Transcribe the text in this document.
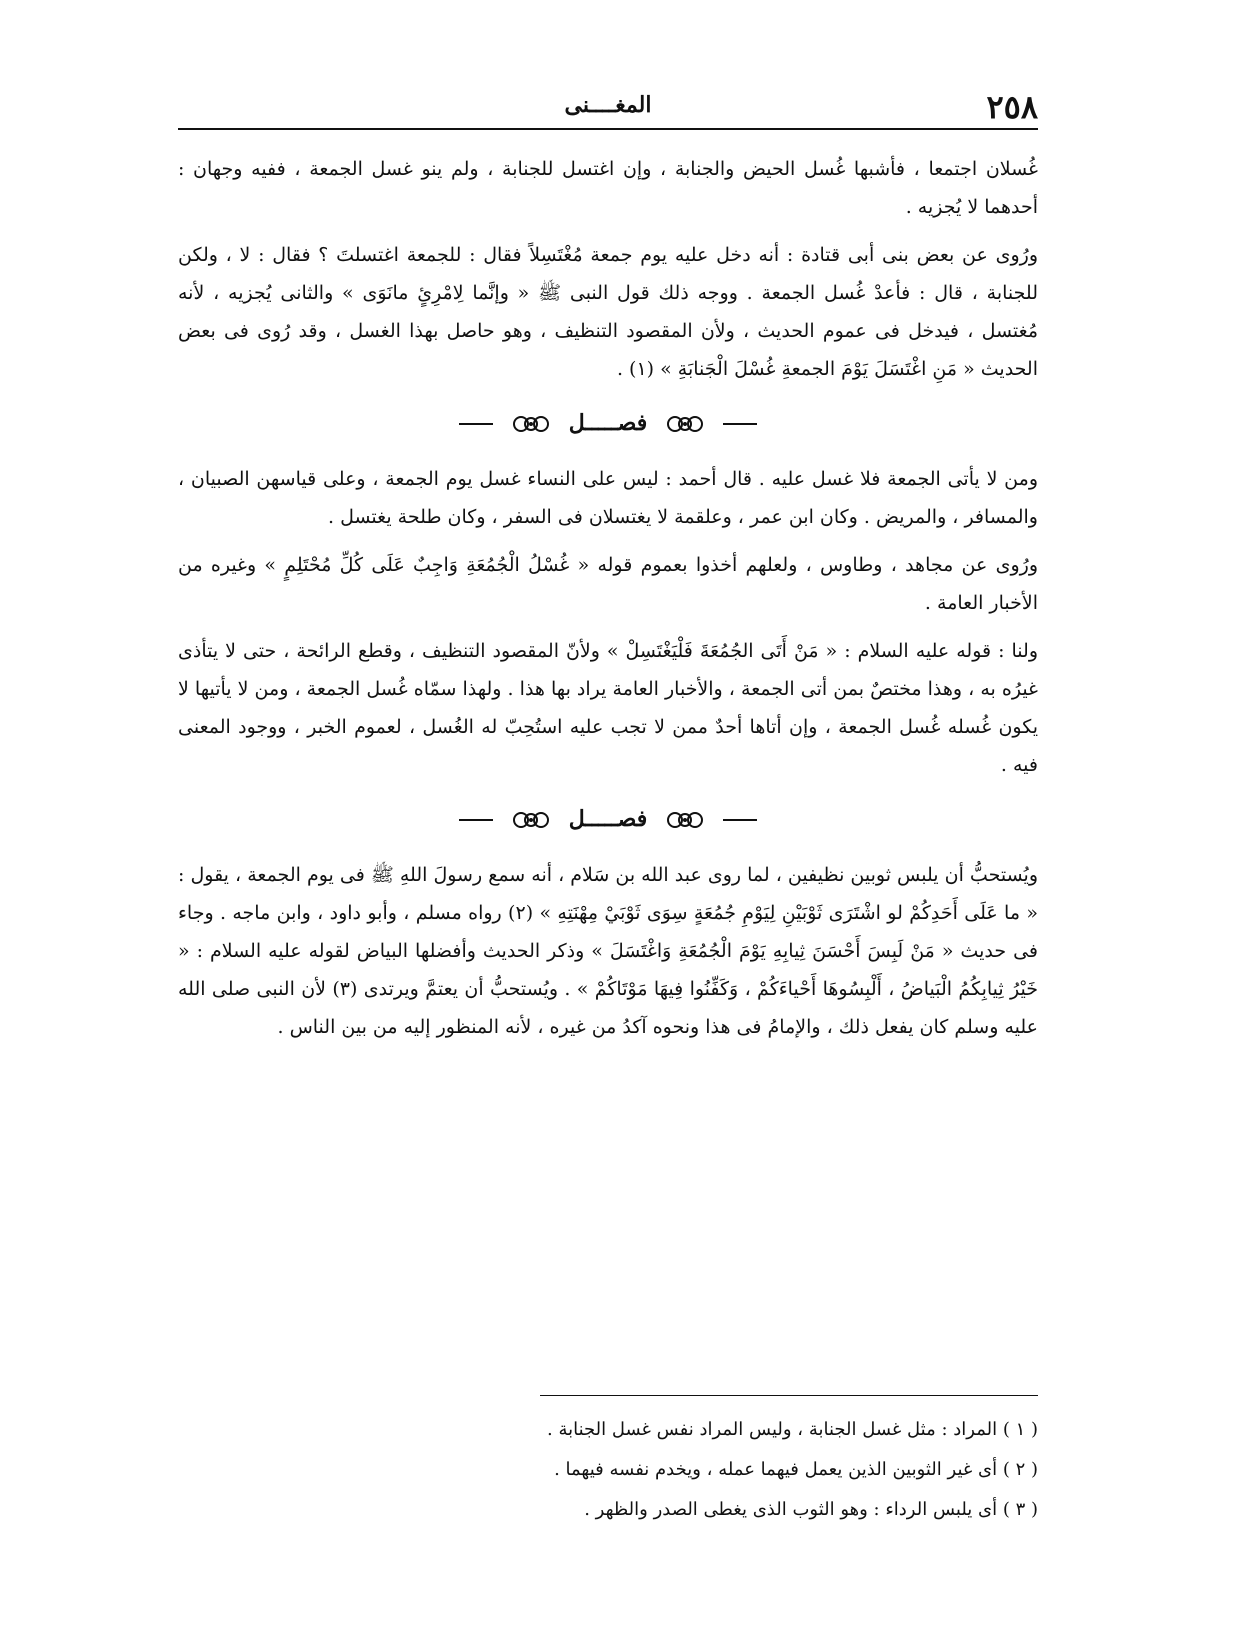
٢٥٨
المغــــنى

غُسلان اجتمعا ، فأشبها غُسل الحيض والجنابة ، وإن اغتسل للجنابة ، ولم ينو غسل الجمعة ، ففيه وجهان : أحدهما لا يُجزيه .

ورُوى عن بعض بنى أبى قتادة : أنه دخل عليه يوم جمعة مُغْتَسِلاً فقال : للجمعة اغتسلتَ ؟ فقال : لا ، ولكن للجنابة ، قال : فأعدْ غُسل الجمعة . ووجه ذلك قول النبى ﷺ « وإنَّما لِامْرِئٍ مانَوَى » والثانى يُجزيه ، لأنه مُغتسل ، فيدخل فى عموم الحديث ، ولأن المقصود التنظيف ، وهو حاصل بهذا الغسل ، وقد رُوى فى بعض الحديث « مَنِ اغْتَسَلَ يَوْمَ الجمعةِ غُسْلَ الْجَنابَةِ » (١) .

فصـــــل

ومن لا يأتى الجمعة فلا غسل عليه . قال أحمد : ليس على النساء غسل يوم الجمعة ، وعلى قياسهن الصبيان ، والمسافر ، والمريض . وكان ابن عمر ، وعلقمة لا يغتسلان فى السفر ، وكان طلحة يغتسل .

ورُوى عن مجاهد ، وطاوس ، ولعلهم أخذوا بعموم قوله « غُسْلُ الْجُمُعَةِ وَاجِبٌ عَلَى كُلِّ مُحْتَلِمٍ » وغيره من الأخبار العامة .

ولنا : قوله عليه السلام : « مَنْ أَتَى الجُمُعَةَ فَلْيَغْتَسِلْ » ولأنّ المقصود التنظيف ، وقطع الرائحة ، حتى لا يتأذى غيرُه به ، وهذا مختصٌ بمن أتى الجمعة ، والأخبار العامة يراد بها هذا . ولهذا سمّاه غُسل الجمعة ، ومن لا يأتيها لا يكون غُسله غُسل الجمعة ، وإن أتاها أحدٌ ممن لا تجب عليه استُحِبّ له الغُسل ، لعموم الخبر ، ووجود المعنى فيه .

فصـــــل

ويُستحبُّ أن يلبس ثوبين نظيفين ، لما روى عبد الله بن سَلام ، أنه سمع رسولَ اللهِ ﷺ فى يوم الجمعة ، يقول : « ما عَلَى أَحَدِكُمْ لو اشْتَرَى ثَوْبَيْنِ لِيَوْمِ جُمُعَةٍ سِوَى ثَوْبَيْ مِهْنَتِهِ » (٢) رواه مسلم ، وأبو داود ، وابن ماجه . وجاء فى حديث « مَنْ لَبِسَ أَحْسَنَ ثِيابِهِ يَوْمَ الْجُمُعَةِ وَاغْتَسَلَ » وذكر الحديث وأفضلها البياض لقوله عليه السلام : « خَيْرُ ثِيابِكُمُ الْبَياضُ ، أَلْبِسُوهَا أَحْياءَكُمْ ، وَكَفِّنُوا فِيهَا مَوْتَاكُمْ » . ويُستحبُّ أن يعتمَّ ويرتدى (٣) لأن النبى صلى الله عليه وسلم كان يفعل ذلك ، والإمامُ فى هذا ونحوه آكدُ من غيره ، لأنه المنظور إليه من بين الناس .

( ١ ) المراد : مثل غسل الجنابة ، وليس المراد نفس غسل الجنابة .

( ٢ ) أى غير الثوبين الذين يعمل فيهما عمله ، ويخدم نفسه فيهما .

( ٣ ) أى يلبس الرداء : وهو الثوب الذى يغطى الصدر والظهر .
